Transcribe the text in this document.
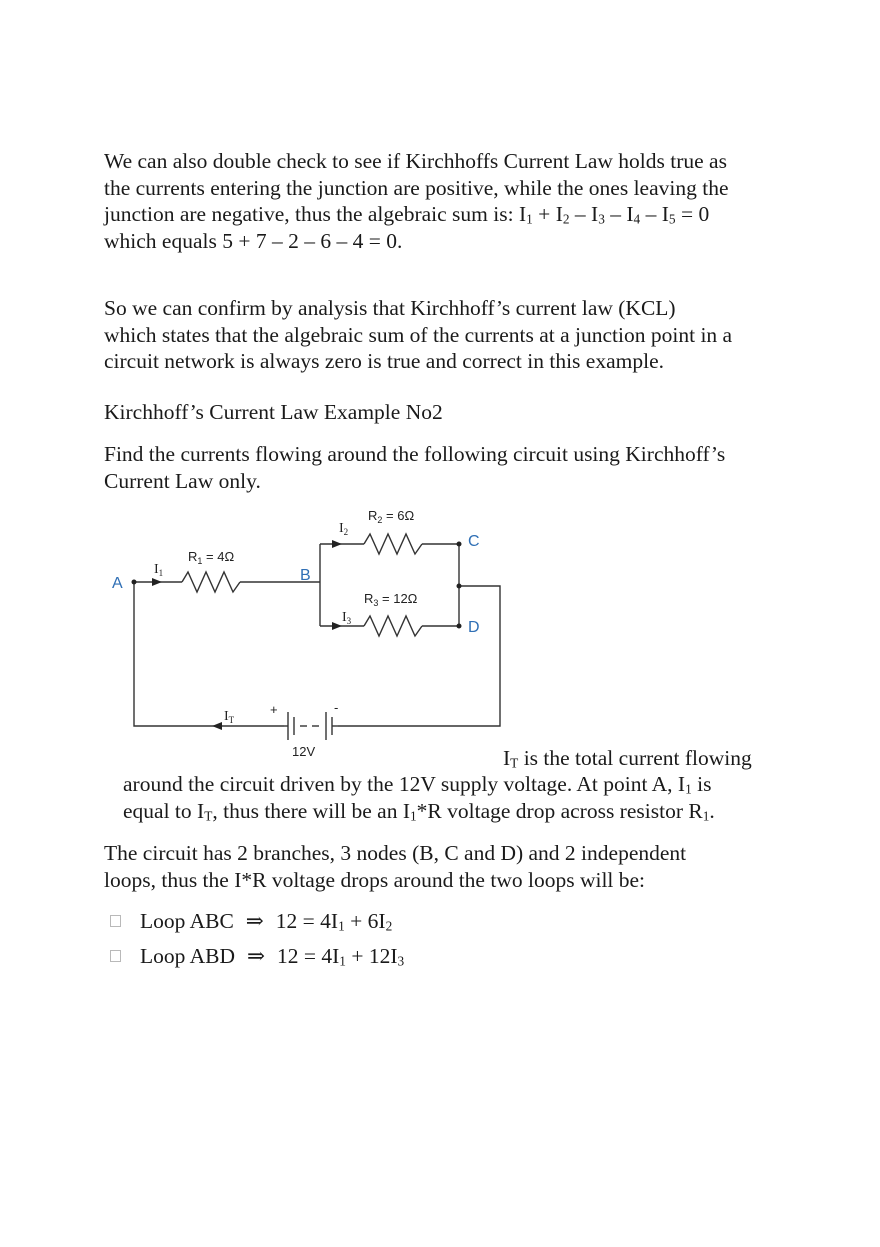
We can also double check to see if Kirchhoffs Current Law holds true as
the currents entering the junction are positive, while the ones leaving the
junction are negative, thus the algebraic sum is: $I_1 + I_2 - I_3 - I_4 - I_5 = 0$
which equals 5 + 7 – 2 – 6 – 4 = 0.
So we can confirm by analysis that Kirchhoff’s current law (KCL)
which states that the algebraic sum of the currents at a junction point in a
circuit network is always zero is true and correct in this example.
Kirchhoff’s Current Law Example No2
Find the currents flowing around the following circuit using Kirchhoff’s
Current Law only.
A	B
C
D
$R_1 = 4\Omega$
$R_2 = 6\Omega$
$R_3 = 12\Omega$
$I_1$
$I_2$
$I_3$
$I_T$
+	-
12V	$I_T$ is the total current flowing
around the circuit driven by the 12V supply voltage. At point A, $I_1$ is
equal to $I_T$, thus there will be an $I_1*R$ voltage drop across resistor $R_1$.
The circuit has 2 branches, 3 nodes (B, C and D) and 2 independent
loops, thus the I*R voltage drops around the two loops will be:
Loop ABC ⇒ $12 = 4I_1 + 6I_2$
Loop ABD ⇒ $12 = 4I_1 + 12I_3$
